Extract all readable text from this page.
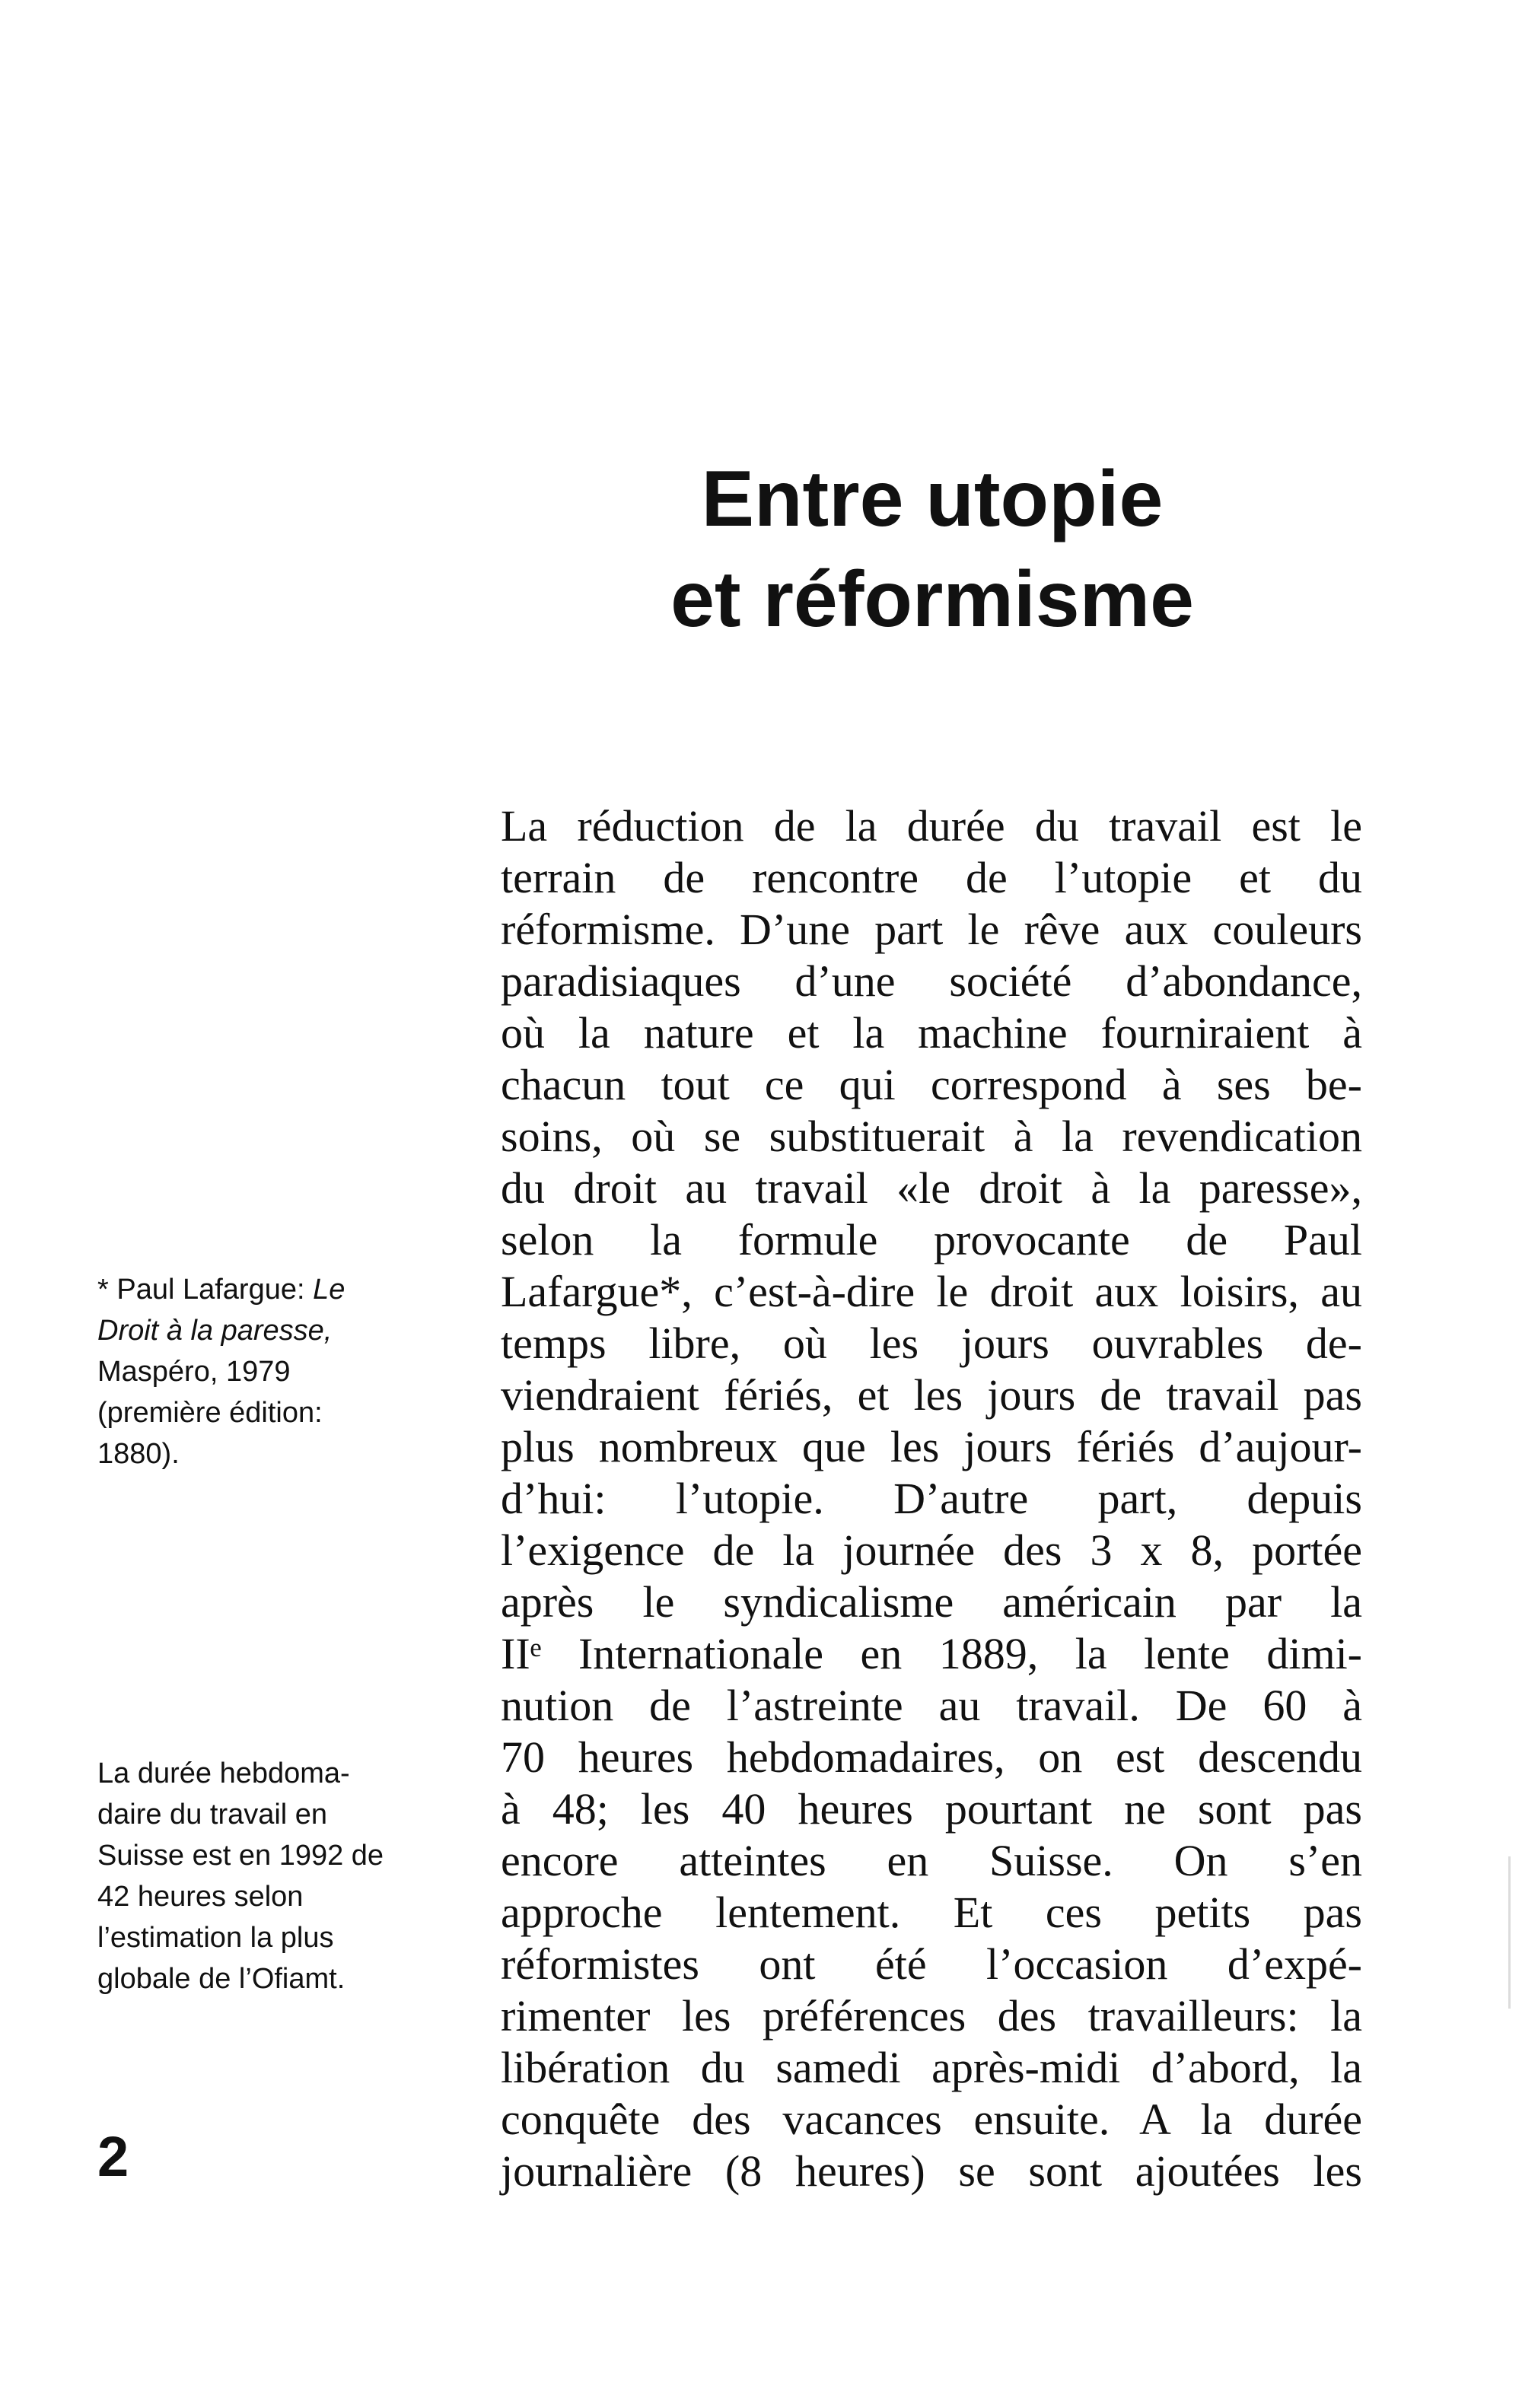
Entre utopie
et réformisme
La réduction de la durée du travail est le
terrain de rencontre de l’utopie et du
réformisme. D’une part le rêve aux couleurs
paradisiaques d’une société d’abondance,
où la nature et la machine fourniraient à
chacun tout ce qui correspond à ses be-
soins, où se substituerait à la revendication
du droit au travail «le droit à la paresse»,
selon la formule provocante de Paul
Lafargue*, c’est-à-dire le droit aux loisirs, au
temps libre, où les jours ouvrables de-
viendraient fériés, et les jours de travail pas
plus nombreux que les jours fériés d’aujour-
d’hui: l’utopie. D’autre part, depuis
l’exigence de la journée des 3 x 8, portée
après le syndicalisme américain par la
IIᵉ Internationale en 1889, la lente dimi-
nution de l’astreinte au travail. De 60 à
70 heures hebdomadaires, on est descendu
à 48; les 40 heures pourtant ne sont pas
encore atteintes en Suisse. On s’en
approche lentement. Et ces petits pas
réformistes ont été l’occasion d’expé-
rimenter les préférences des travailleurs: la
libération du samedi après-midi d’abord, la
conquête des vacances ensuite. A la durée
journalière (8 heures) se sont ajoutées les
* Paul Lafargue: Le
Droit à la paresse,
Maspéro, 1979
(première édition:
1880).
La durée hebdoma-
daire du travail en
Suisse est en 1992 de
42 heures selon
l’estimation la plus
globale de l’Ofiamt.
2
